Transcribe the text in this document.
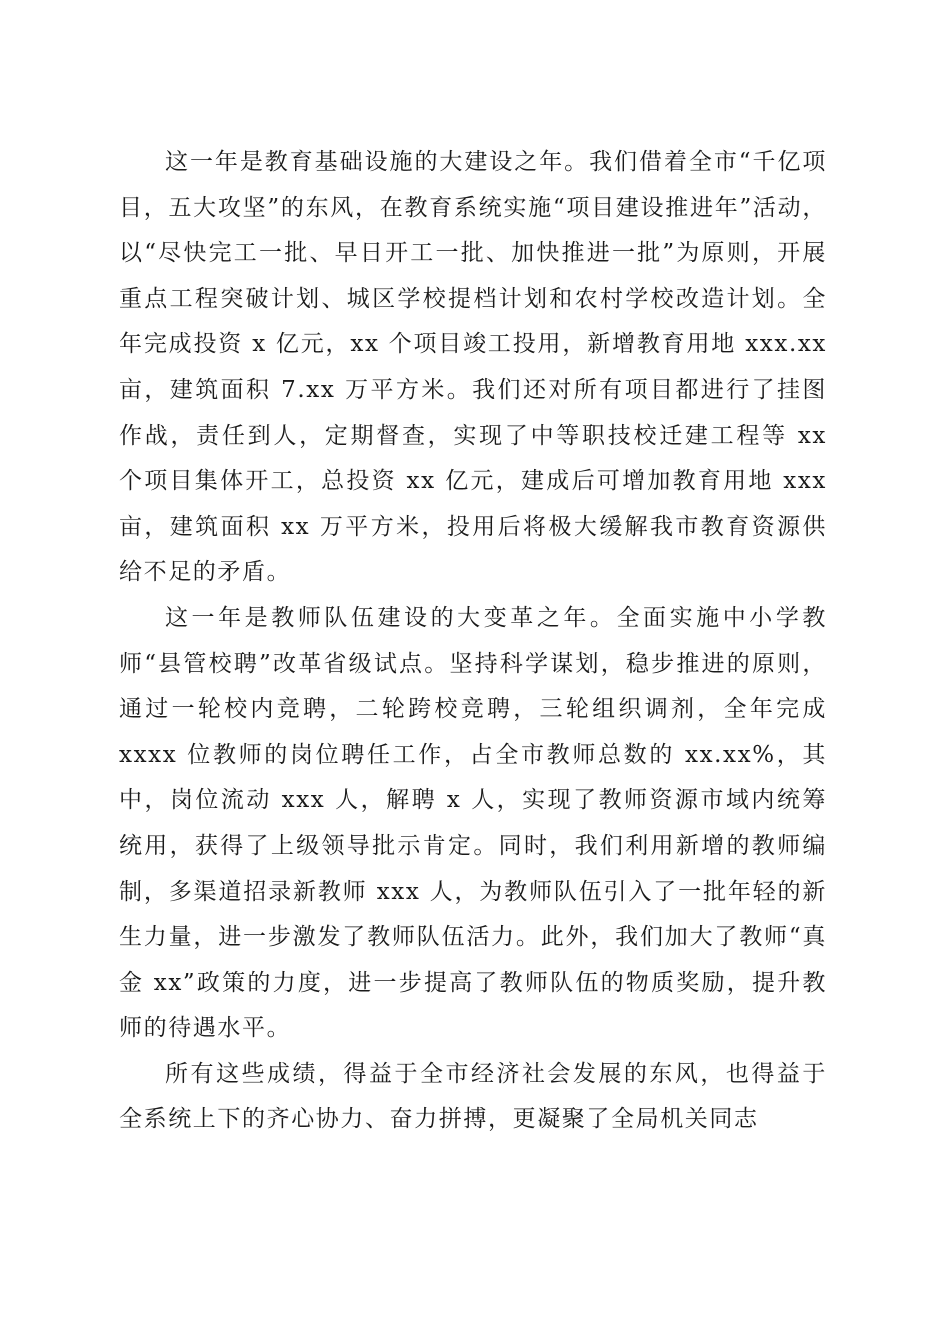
这一年是教育基础设施的大建设之年。我们借着全市“千亿项目，五大攻坚”的东风，在教育系统实施“项目建设推进年”活动，以“尽快完工一批、早日开工一批、加快推进一批”为原则，开展重点工程突破计划、城区学校提档计划和农村学校改造计划。全年完成投资 x 亿元，xx 个项目竣工投用，新增教育用地 xxx.xx 亩，建筑面积 7.xx 万平方米。我们还对所有项目都进行了挂图作战，责任到人，定期督查，实现了中等职技校迁建工程等 xx 个项目集体开工，总投资 xx 亿元，建成后可增加教育用地 xxx 亩，建筑面积 xx 万平方米，投用后将极大缓解我市教育资源供给不足的矛盾。

这一年是教师队伍建设的大变革之年。全面实施中小学教师“县管校聘”改革省级试点。坚持科学谋划，稳步推进的原则，通过一轮校内竞聘，二轮跨校竞聘，三轮组织调剂，全年完成 xxxx 位教师的岗位聘任工作，占全市教师总数的 xx.xx%，其中，岗位流动 xxx 人，解聘 x 人，实现了教师资源市域内统筹统用，获得了上级领导批示肯定。同时，我们利用新增的教师编制，多渠道招录新教师 xxx 人，为教师队伍引入了一批年轻的新生力量，进一步激发了教师队伍活力。此外，我们加大了教师“真金 xx”政策的力度，进一步提高了教师队伍的物质奖励，提升教师的待遇水平。

所有这些成绩，得益于全市经济社会发展的东风，也得益于全系统上下的齐心协力、奋力拼搏，更凝聚了全局机关同志
